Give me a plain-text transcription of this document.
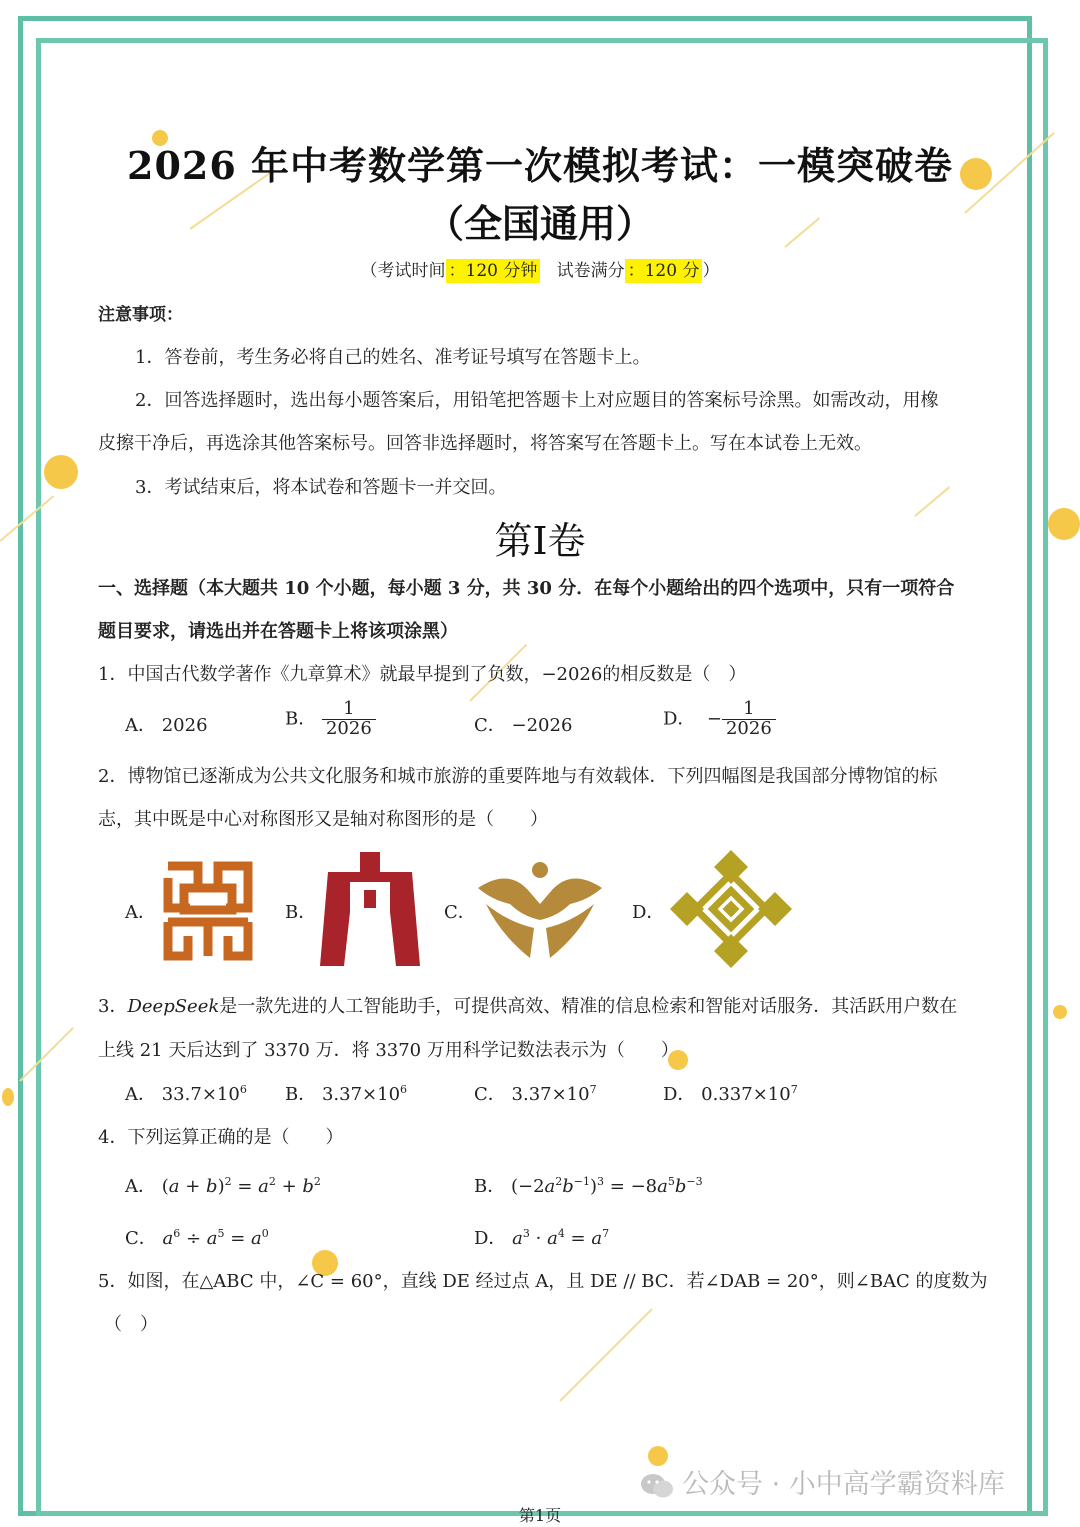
2026 年中考数学第一次模拟考试：一模突破卷
（全国通用）
（考试时间 ：120 分钟 试卷满分 ：120 分 ）
注意事项：
1．答卷前，考生务必将自己的姓名、准考证号填写在答题卡上。
2．回答选择题时，选出每小题答案后，用铅笔把答题卡上对应题目的答案标号涂黑。如需改动，用橡
皮擦干净后，再选涂其他答案标号。回答非选择题时，将答案写在答题卡上。写在本试卷上无效。
3．考试结束后，将本试卷和答题卡一并交回。
第I卷
一、选择题（本大题共 10 个小题，每小题 3 分，共 30 分．在每个小题给出的四个选项中，只有一项符合
题目要求，请选出并在答题卡上将该项涂黑）
1．中国古代数学著作《九章算术》就最早提到了负数，−2026的相反数是（　）
A． 2026	B． $\frac{1}{2026}$	C． −2026	D． − $\frac{1}{2026}$
2．博物馆已逐渐成为公共文化服务和城市旅游的重要阵地与有效载体．下列四幅图是我国部分博物馆的标
志，其中既是中心对称图形又是轴对称图形的是（　　）
A．	B．	C．	D．
3．DeepSeek是一款先进的人工智能助手，可提供高效、精准的信息检索和智能对话服务．其活跃用户数在
上线 21 天后达到了 3370 万．将 3370 万用科学记数法表示为（　　）
A． $33.7\times 10^6$ B． $3.37\times 10^6$	C． $3.37\times 10^7$	D． $0.337\times 10^7$
4．下列运算正确的是（　　）
A． $(a + b)^2 = a^2 + b^2$	B． $(-2a^2b^{-1})^3 = -8a^5b^{-3}$
C． $a^6 \div a^5 = a^0$	D． $a^3 \cdot a^4 = a^7$
5．如图，在△ABC 中，∠C = 60°，直线 DE 经过点 A，且 DE // BC．若∠DAB = 20°，则∠BAC 的度数为
（　）
公众号 · 小中高学霸资料库
第1页
